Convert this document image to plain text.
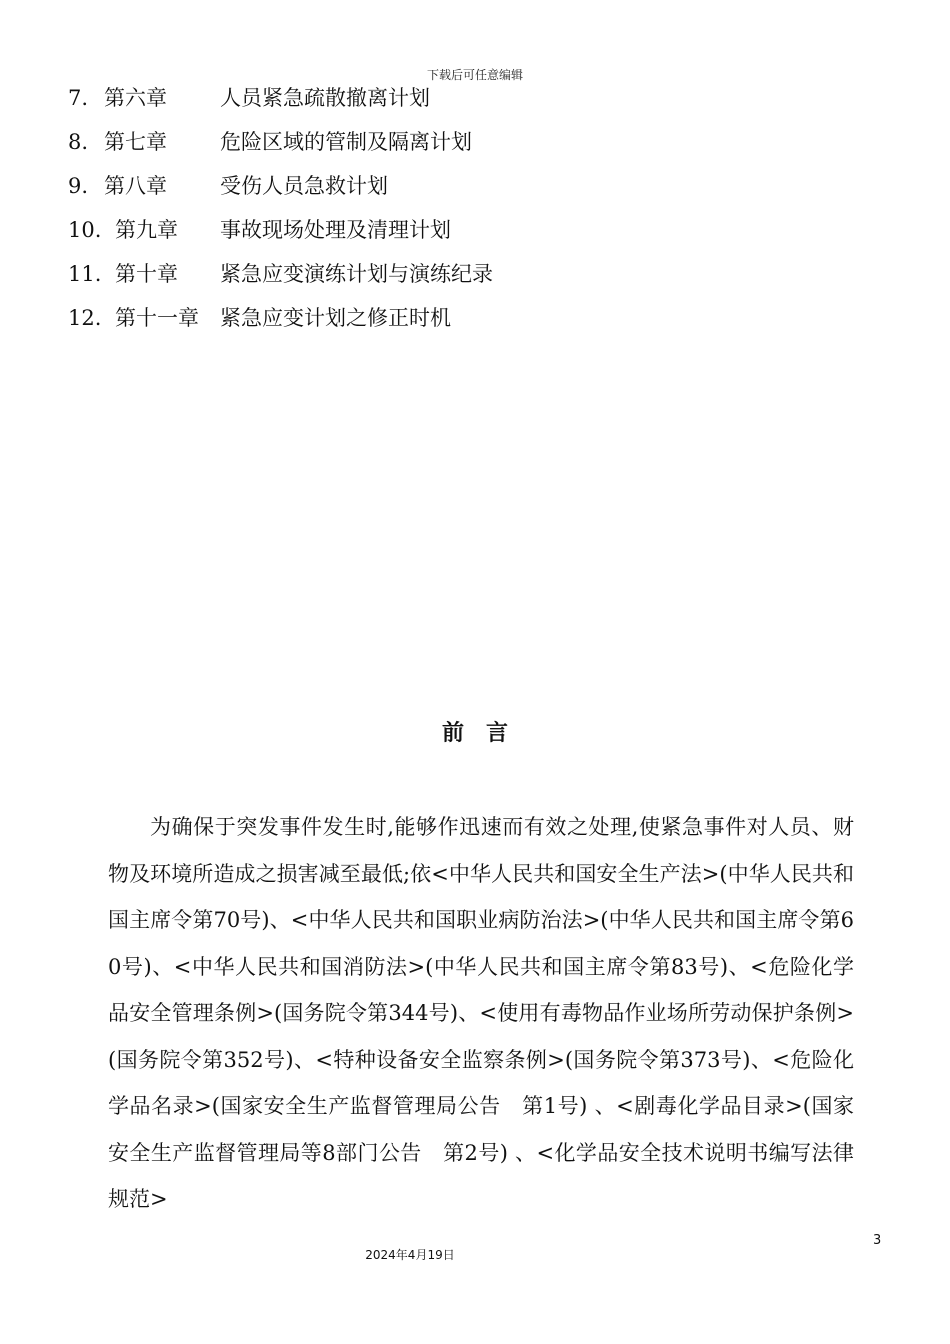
下载后可任意编辑
7. 第六章	人员紧急疏散撤离计划
8. 第七章	危险区域的管制及隔离计划
9. 第八章	受伤人员急救计划
10. 第九章 事故现场处理及清理计划
11. 第十章 紧急应变演练计划与演练纪录
12. 第十一章 紧急应变计划之修正时机
前言
为确保于突发事件发生时,能够作迅速而有效之处理,使紧急事件对人员、财物及环境所造成之损害减至最低;依<中华人民共和国安全生产法>(中华人民共和国主席令第70号)、<中华人民共和国职业病防治法>(中华人民共和国主席令第60号)、<中华人民共和国消防法>(中华人民共和国主席令第83号)、<危险化学品安全管理条例>(国务院令第344号)、<使用有毒物品作业场所劳动保护条例>(国务院令第352号)、<特种设备安全监察条例>(国务院令第373号)、<危险化学品名录>(国家安全生产监督管理局公告　第1号) 、<剧毒化学品目录>(国家安全生产监督管理局等8部门公告　第2号) 、<化学品安全技术说明书编写法律规范>
3
2024年4月19日
